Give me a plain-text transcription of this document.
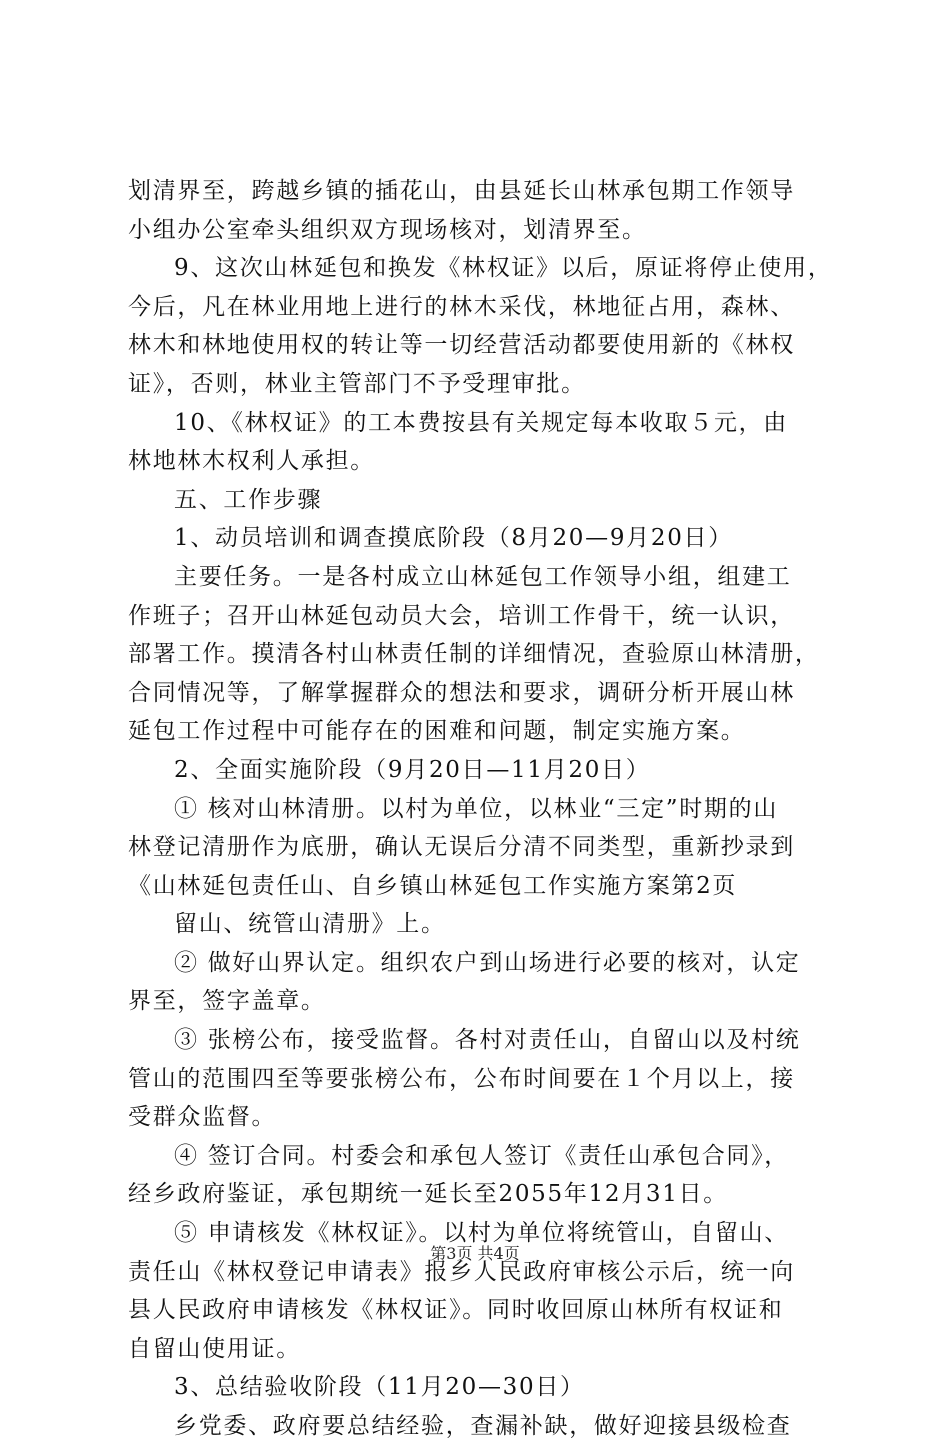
划清界至，跨越乡镇的插花山，由县延长山林承包期工作领导
小组办公室牵头组织双方现场核对，划清界至。
9、这次山林延包和换发《林权证》以后，原证将停止使用，
今后，凡在林业用地上进行的林木采伐，林地征占用，森林、
林木和林地使用权的转让等一切经营活动都要使用新的《林权
证》，否则，林业主管部门不予受理审批。
10、《林权证》的工本费按县有关规定每本收取５元，由
林地林木权利人承担。
五、工作步骤
1、动员培训和调查摸底阶段（8月20—9月20日）
主要任务。一是各村成立山林延包工作领导小组，组建工
作班子；召开山林延包动员大会，培训工作骨干，统一认识，
部署工作。摸清各村山林责任制的详细情况，查验原山林清册，
合同情况等，了解掌握群众的想法和要求，调研分析开展山林
延包工作过程中可能存在的困难和问题，制定实施方案。
2、全面实施阶段（9月20日—11月20日）
① 核对山林清册。以村为单位，以林业“三定”时期的山
林登记清册作为底册，确认无误后分清不同类型，重新抄录到
《山林延包责任山、自乡镇山林延包工作实施方案第2页
留山、统管山清册》上。
② 做好山界认定。组织农户到山场进行必要的核对，认定
界至，签字盖章。
③ 张榜公布，接受监督。各村对责任山，自留山以及村统
管山的范围四至等要张榜公布，公布时间要在１个月以上，接
受群众监督。
④ 签订合同。村委会和承包人签订《责任山承包合同》，
经乡政府鉴证，承包期统一延长至2055年12月31日。
⑤ 申请核发《林权证》。以村为单位将统管山，自留山、
责任山《林权登记申请表》报乡人民政府审核公示后，统一向
县人民政府申请核发《林权证》。同时收回原山林所有权证和
自留山使用证。
3、总结验收阶段（11月20—30日）
乡党委、政府要总结经验，查漏补缺，做好迎接县级检查
第3页 共4页
